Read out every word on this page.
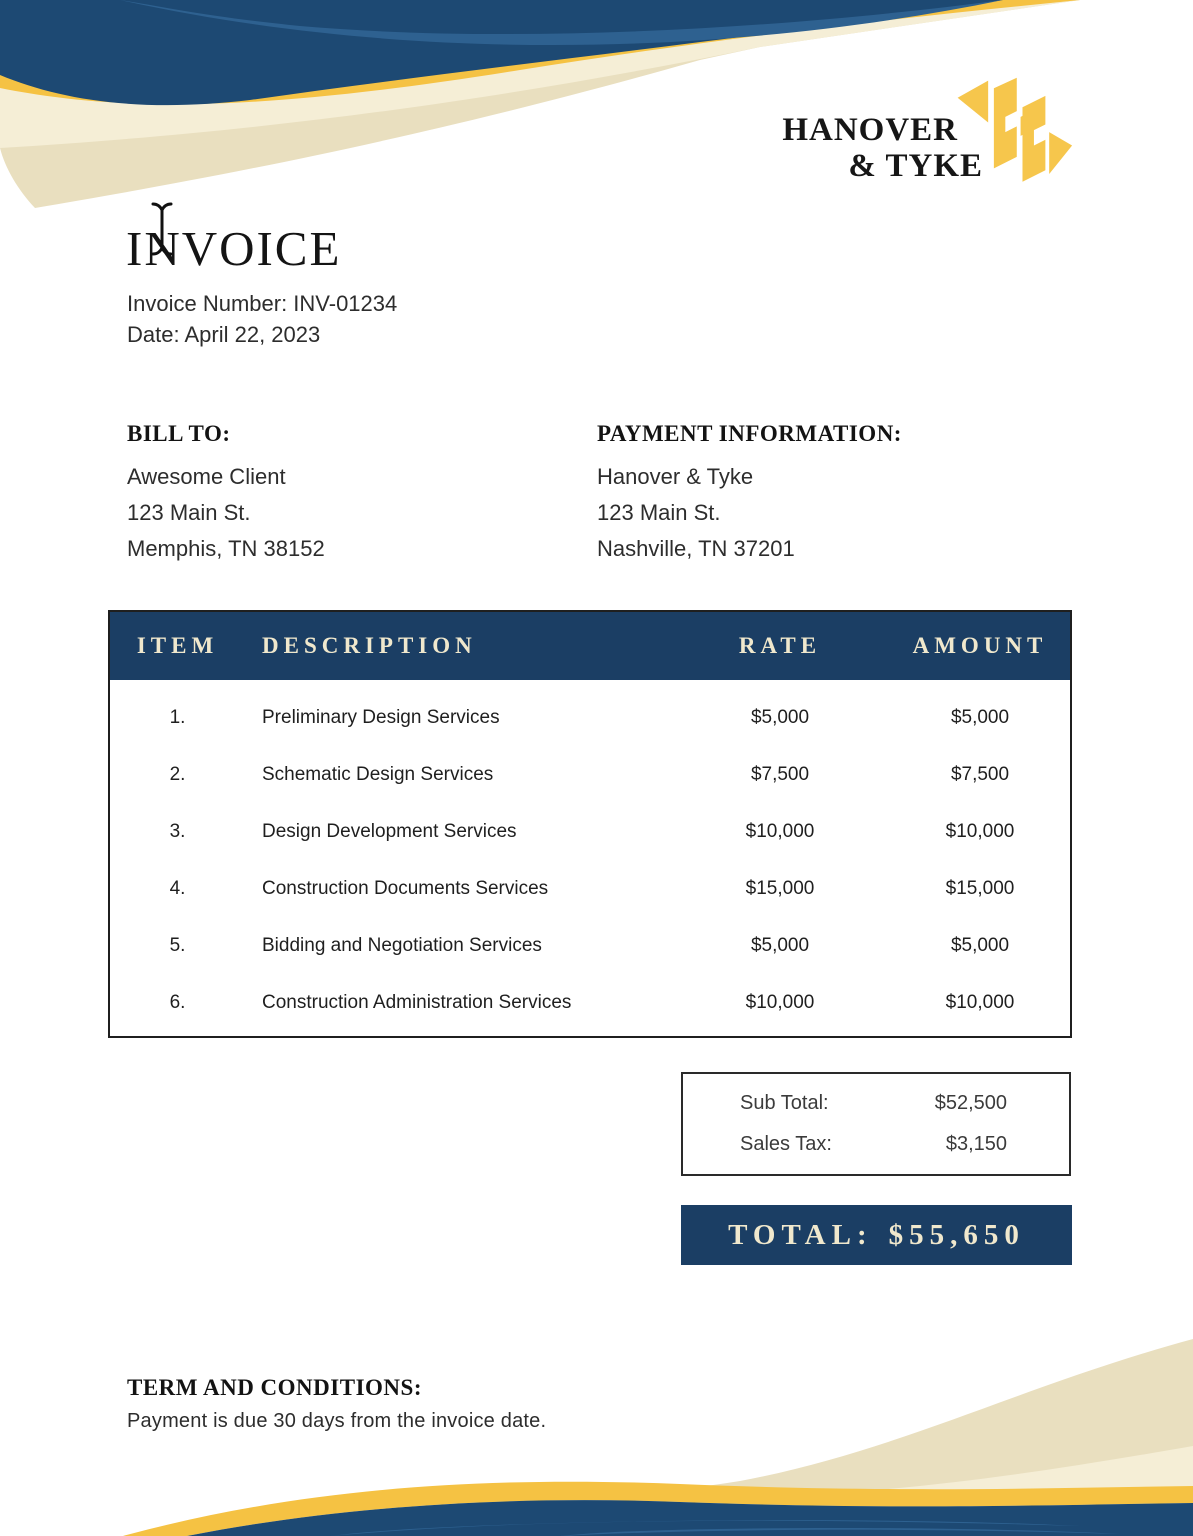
HANOVER
& TYKE
INVOICE
Invoice Number: INV-01234
Date: April 22, 2023
BILL TO:
Awesome Client
123 Main St.
Memphis, TN 38152
PAYMENT INFORMATION:
Hanover & Tyke
123 Main St.
Nashville, TN 37201
ITEM	DESCRIPTION	RATE	AMOUNT
1.	Preliminary Design Services	$5,000	$5,000
2.	Schematic Design Services	$7,500	$7,500
3.	Design Development Services	$10,000	$10,000
4.	Construction Documents Services	$15,000	$15,000
5.	Bidding and Negotiation Services	$5,000	$5,000
6.	Construction Administration Services	$10,000	$10,000
Sub Total:	$52,500
Sales Tax:	$3,150
TOTAL: $55,650
TERM AND CONDITIONS:
Payment is due 30 days from the invoice date.
